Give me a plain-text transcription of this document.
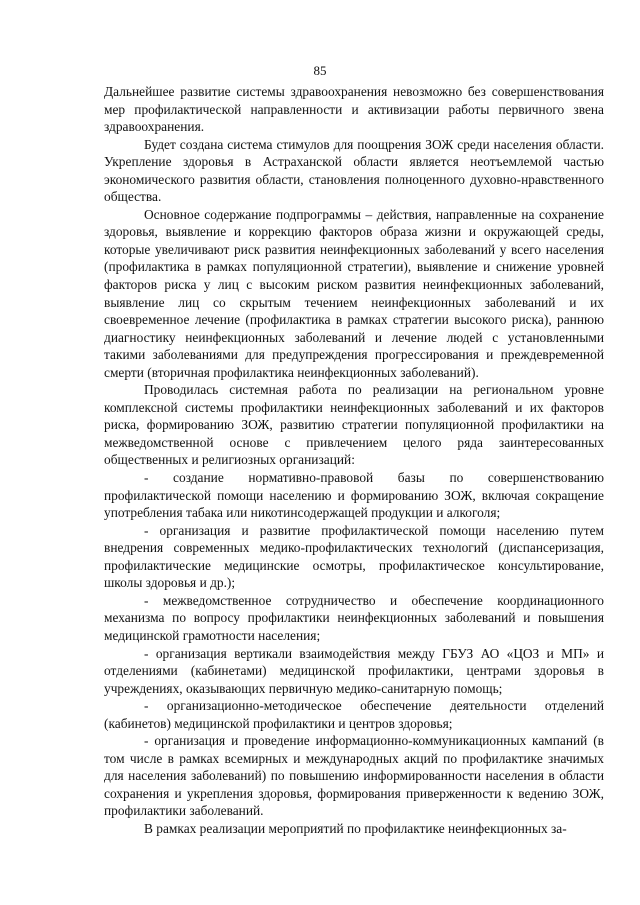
85

Дальнейшее развитие системы здравоохранения невозможно без совершенствования мер профилактической направленности и активизации работы первичного звена здравоохранения.

Будет создана система стимулов для поощрения ЗОЖ среди населения области. Укрепление здоровья в Астраханской области является неотъемлемой частью экономического развития области, становления полноценного духовно-нравственного общества.

Основное содержание подпрограммы – действия, направленные на сохранение здоровья, выявление и коррекцию факторов образа жизни и окружающей среды, которые увеличивают риск развития неинфекционных заболеваний у всего населения (профилактика в рамках популяционной стратегии), выявление и снижение уровней факторов риска у лиц с высоким риском развития неинфекционных заболеваний, выявление лиц со скрытым течением неинфекционных заболеваний и их своевременное лечение (профилактика в рамках стратегии высокого риска), раннюю диагностику неинфекционных заболеваний и лечение людей с установленными такими заболеваниями для предупреждения прогрессирования и преждевременной смерти (вторичная профилактика неинфекционных заболеваний).

Проводилась системная работа по реализации на региональном уровне комплексной системы профилактики неинфекционных заболеваний и их факторов риска, формированию ЗОЖ, развитию стратегии популяционной профилактики на межведомственной основе с привлечением целого ряда заинтересованных общественных и религиозных организаций:

- создание нормативно-правовой базы по совершенствованию профилактической помощи населению и формированию ЗОЖ, включая сокращение употребления табака или никотинсодержащей продукции и алкоголя;

- организация и развитие профилактической помощи населению путем внедрения современных медико-профилактических технологий (диспансеризация, профилактические медицинские осмотры, профилактическое консультирование, школы здоровья и др.);

- межведомственное сотрудничество и обеспечение координационного механизма по вопросу профилактики неинфекционных заболеваний и повышения медицинской грамотности населения;

- организация вертикали взаимодействия между ГБУЗ АО «ЦОЗ и МП» и отделениями (кабинетами) медицинской профилактики, центрами здоровья в учреждениях, оказывающих первичную медико-санитарную помощь;

- организационно-методическое обеспечение деятельности отделений (кабинетов) медицинской профилактики и центров здоровья;

- организация и проведение информационно-коммуникационных кампаний (в том числе в рамках всемирных и международных акций по профилактике значимых для населения заболеваний) по повышению информированности населения в области сохранения и укрепления здоровья, формирования приверженности к ведению ЗОЖ, профилактики заболеваний.

В рамках реализации мероприятий по профилактике неинфекционных за-
